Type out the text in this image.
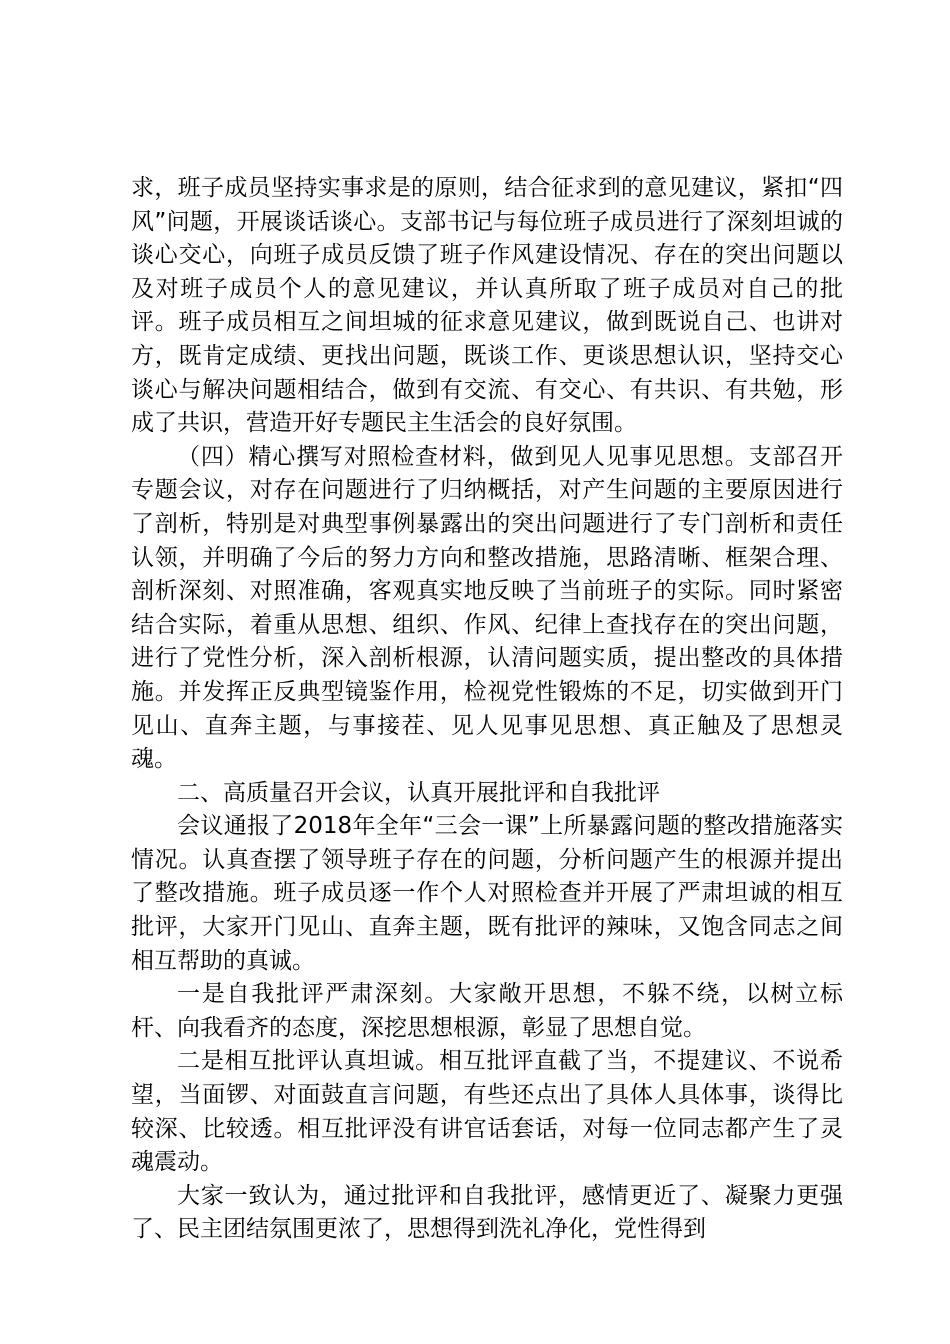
求，班子成员坚持实事求是的原则，结合征求到的意见建议，紧扣“四风”问题，开展谈话谈心。支部书记与每位班子成员进行了深刻坦诚的谈心交心，向班子成员反馈了班子作风建设情况、存在的突出问题以及对班子成员个人的意见建议，并认真所取了班子成员对自己的批评。班子成员相互之间坦城的征求意见建议，做到既说自己、也讲对方，既肯定成绩、更找出问题，既谈工作、更谈思想认识，坚持交心谈心与解决问题相结合，做到有交流、有交心、有共识、有共勉，形成了共识，营造开好专题民主生活会的良好氛围。

（四）精心撰写对照检查材料，做到见人见事见思想。支部召开专题会议，对存在问题进行了归纳概括，对产生问题的主要原因进行了剖析，特别是对典型事例暴露出的突出问题进行了专门剖析和责任认领，并明确了今后的努力方向和整改措施，思路清晰、框架合理、剖析深刻、对照准确，客观真实地反映了当前班子的实际。同时紧密结合实际，着重从思想、组织、作风、纪律上查找存在的突出问题，进行了党性分析，深入剖析根源，认清问题实质，提出整改的具体措施。并发挥正反典型镜鉴作用，检视党性锻炼的不足，切实做到开门见山、直奔主题，与事接茬、见人见事见思想、真正触及了思想灵魂。

二、高质量召开会议，认真开展批评和自我批评

会议通报了2018年全年“三会一课”上所暴露问题的整改措施落实情况。认真查摆了领导班子存在的问题，分析问题产生的根源并提出了整改措施。班子成员逐一作个人对照检查并开展了严肃坦诚的相互批评，大家开门见山、直奔主题，既有批评的辣味，又饱含同志之间相互帮助的真诚。

一是自我批评严肃深刻。大家敞开思想，不躲不绕，以树立标杆、向我看齐的态度，深挖思想根源，彰显了思想自觉。

二是相互批评认真坦诚。相互批评直截了当，不提建议、不说希望，当面锣、对面鼓直言问题，有些还点出了具体人具体事，谈得比较深、比较透。相互批评没有讲官话套话，对每一位同志都产生了灵魂震动。

大家一致认为，通过批评和自我批评，感情更近了、凝聚力更强了、民主团结氛围更浓了，思想得到洗礼净化，党性得到
